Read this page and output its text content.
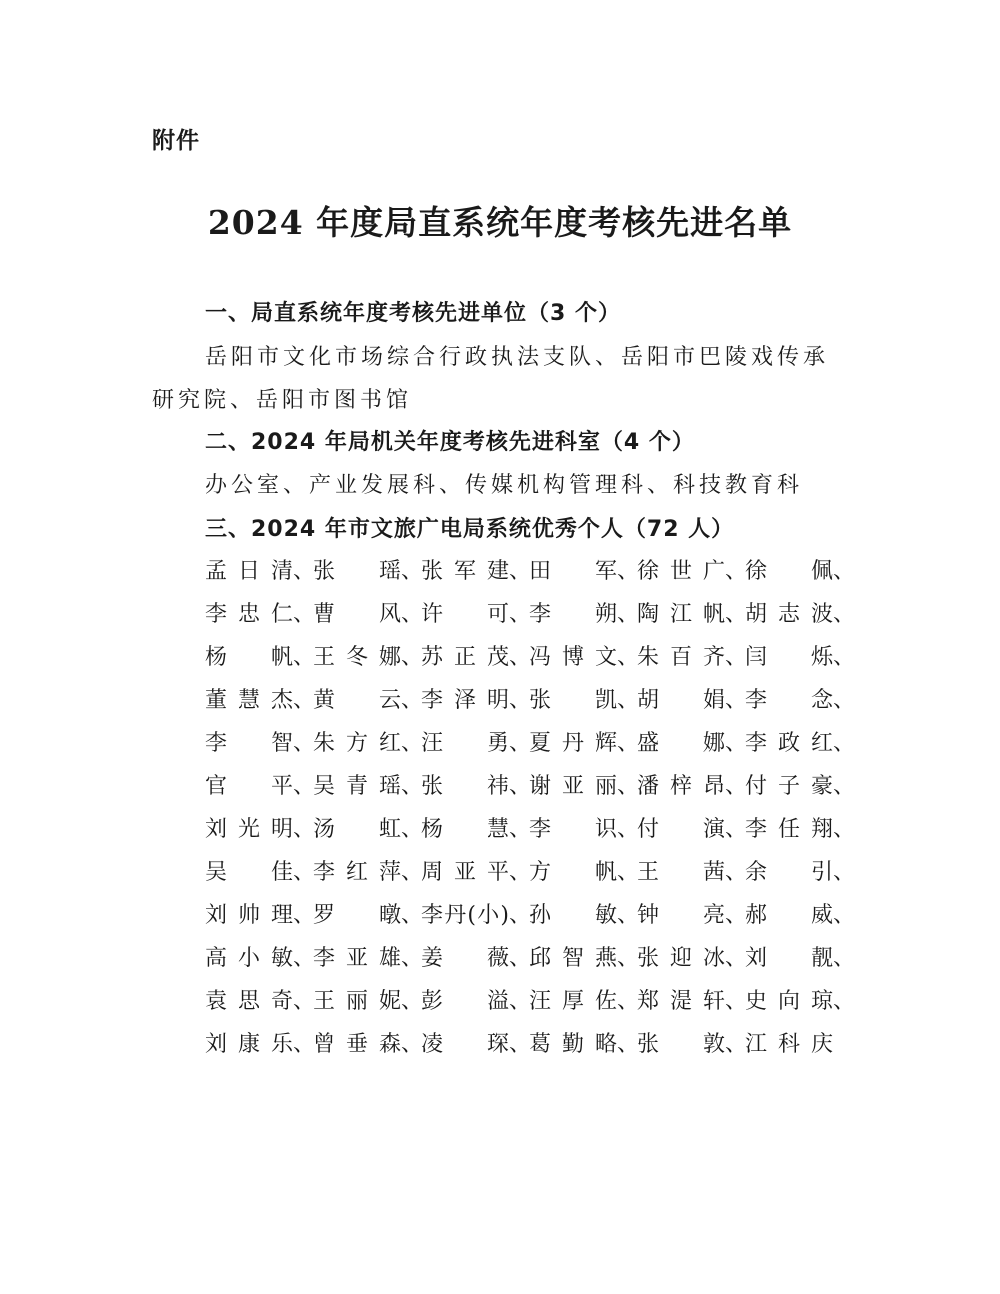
附件
2024 年度局直系统年度考核先进名单
一、局直系统年度考核先进单位（3 个）
岳阳市文化市场综合行政执法支队、岳阳市巴陵戏传承
研究院、岳阳市图书馆
二、2024 年局机关年度考核先进科室（4 个）
办公室、产业发展科、传媒机构管理科、科技教育科
三、2024 年市文旅广电局系统优秀个人（72 人）
孟日清 、
张　瑶 、
张军建 、
田　军 、
徐世广 、
徐　佩 、
李忠仁 、
曹　风 、
许　可 、
李　朔 、
陶江帆 、
胡志波 、
杨　帆 、
王冬娜 、
苏正茂 、
冯博文 、
朱百齐 、
闫　烁 、
董慧杰 、
黄　云 、
李泽明 、
张　凯 、
胡　娟 、
李　念 、
李　智 、
朱方红 、
汪　勇 、
夏丹辉 、
盛　娜 、
李政红 、
官　平 、
吴青瑶 、
张　祎 、
谢亚丽 、
潘梓昂 、
付子豪 、
刘光明 、
汤　虹 、
杨　慧 、
李　识 、
付　演 、
李任翔 、
吴　佳 、
李红萍 、
周亚平 、
方　帆 、
王　茜 、
余　引 、
刘帅理 、
罗　暾 、
李丹(小) 、
孙　敏 、
钟　亮 、
郝　威 、
高小敏 、
李亚雄 、
姜　薇 、
邱智燕 、
张迎冰 、
刘　靓 、
袁思奇 、
王丽妮 、
彭　溢 、
汪厚佐 、
郑湜轩 、
史向琼 、
刘康乐 、
曾垂森 、
凌　琛 、
葛勤略 、
张　敦 、
江科庆
